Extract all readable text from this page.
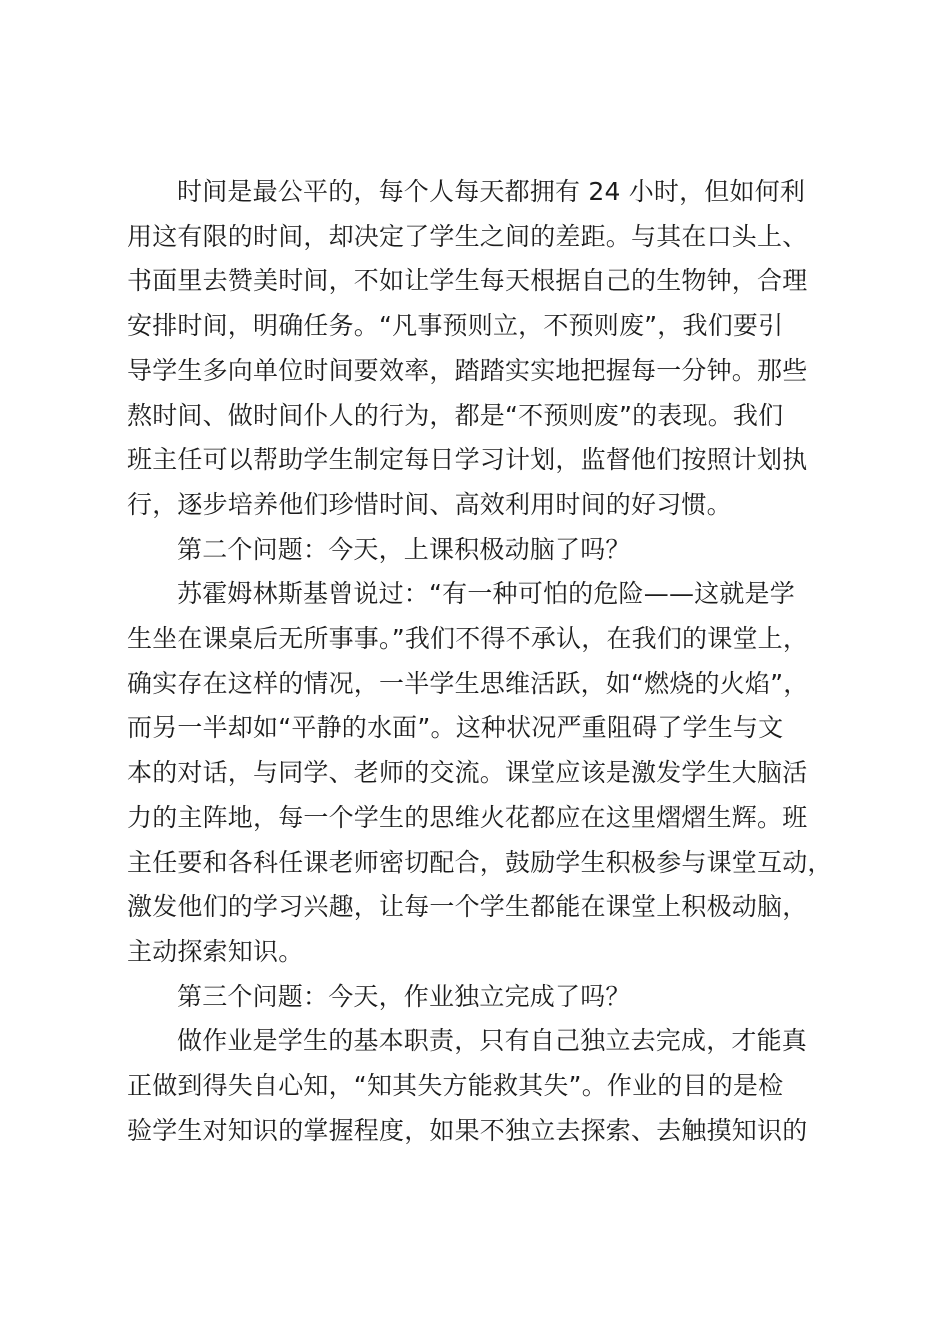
时间是最公平的，每个人每天都拥有 24 小时，但如何利
用这有限的时间，却决定了学生之间的差距。与其在口头上、
书面里去赞美时间，不如让学生每天根据自己的生物钟，合理
安排时间，明确任务。“凡事预则立，不预则废”，我们要引
导学生多向单位时间要效率，踏踏实实地把握每一分钟。那些
熬时间、做时间仆人的行为，都是“不预则废”的表现。我们
班主任可以帮助学生制定每日学习计划，监督他们按照计划执
行，逐步培养他们珍惜时间、高效利用时间的好习惯。
第二个问题：今天，上课积极动脑了吗？
苏霍姆林斯基曾说过：“有一种可怕的危险——这就是学
生坐在课桌后无所事事。”我们不得不承认，在我们的课堂上，
确实存在这样的情况，一半学生思维活跃，如“燃烧的火焰”，
而另一半却如“平静的水面”。这种状况严重阻碍了学生与文
本的对话，与同学、老师的交流。课堂应该是激发学生大脑活
力的主阵地，每一个学生的思维火花都应在这里熠熠生辉。班
主任要和各科任课老师密切配合，鼓励学生积极参与课堂互动，
激发他们的学习兴趣，让每一个学生都能在课堂上积极动脑，
主动探索知识。
第三个问题：今天，作业独立完成了吗？
做作业是学生的基本职责，只有自己独立去完成，才能真
正做到得失自心知，“知其失方能救其失”。作业的目的是检
验学生对知识的掌握程度，如果不独立去探索、去触摸知识的
